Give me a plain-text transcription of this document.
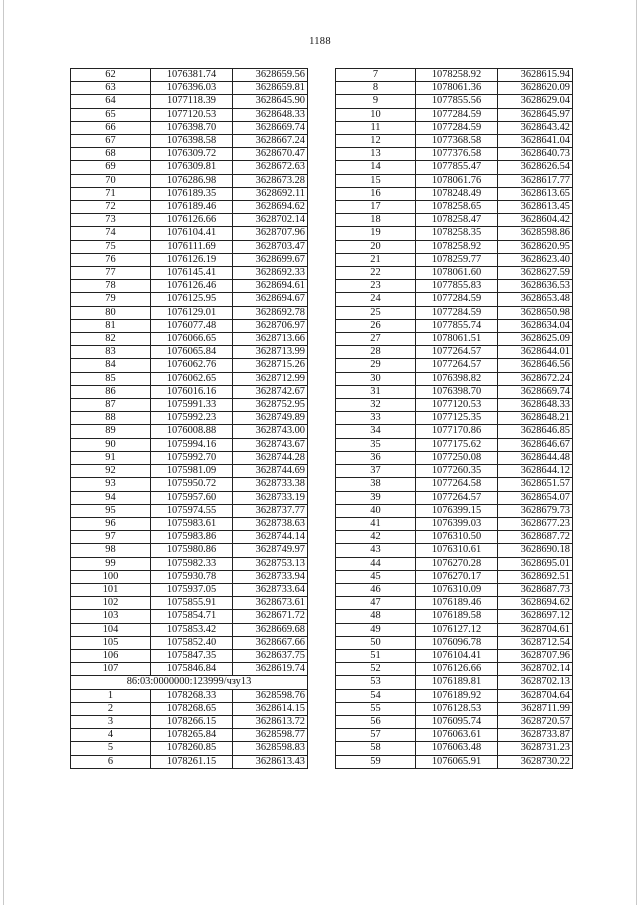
1188
62	1076381.74	3628659.56
63	1076396.03	3628659.81
64	1077118.39	3628645.90
65	1077120.53	3628648.33
66	1076398.70	3628669.74
67	1076398.58	3628667.24
68	1076309.72	3628670.47
69	1076309.81	3628672.63
70	1076286.98	3628673.28
71	1076189.35	3628692.11
72	1076189.46	3628694.62
73	1076126.66	3628702.14
74	1076104.41	3628707.96
75	1076111.69	3628703.47
76	1076126.19	3628699.67
77	1076145.41	3628692.33
78	1076126.46	3628694.61
79	1076125.95	3628694.67
80	1076129.01	3628692.78
81	1076077.48	3628706.97
82	1076066.65	3628713.66
83	1076065.84	3628713.99
84	1076062.76	3628715.26
85	1076062.65	3628712.99
86	1076016.16	3628742.67
87	1075991.33	3628752.95
88	1075992.23	3628749.89
89	1076008.88	3628743.00
90	1075994.16	3628743.67
91	1075992.70	3628744.28
92	1075981.09	3628744.69
93	1075950.72	3628733.38
94	1075957.60	3628733.19
95	1075974.55	3628737.77
96	1075983.61	3628738.63
97	1075983.86	3628744.14
98	1075980.86	3628749.97
99	1075982.33	3628753.13
100	1075930.78	3628733.94
101	1075937.05	3628733.64
102	1075855.91	3628673.61
103	1075854.71	3628671.72
104	1075853.42	3628669.68
105	1075852.40	3628667.66
106	1075847.35	3628637.75
107	1075846.84	3628619.74
86:03:0000000:123999/чзу13		
1	1078268.33	3628598.76
2	1078268.65	3628614.15
3	1078266.15	3628613.72
4	1078265.84	3628598.77
5	1078260.85	3628598.83
6	1078261.15	3628613.43
7	1078258.92	3628615.94
8	1078061.36	3628620.09
9	1077855.56	3628629.04
10	1077284.59	3628645.97
11	1077284.59	3628643.42
12	1077368.58	3628641.04
13	1077376.58	3628640.73
14	1077855.47	3628626.54
15	1078061.76	3628617.77
16	1078248.49	3628613.65
17	1078258.65	3628613.45
18	1078258.47	3628604.42
19	1078258.35	3628598.86
20	1078258.92	3628620.95
21	1078259.77	3628623.40
22	1078061.60	3628627.59
23	1077855.83	3628636.53
24	1077284.59	3628653.48
25	1077284.59	3628650.98
26	1077855.74	3628634.04
27	1078061.51	3628625.09
28	1077264.57	3628644.01
29	1077264.57	3628646.56
30	1076398.82	3628672.24
31	1076398.70	3628669.74
32	1077120.53	3628648.33
33	1077125.35	3628648.21
34	1077170.86	3628646.85
35	1077175.62	3628646.67
36	1077250.08	3628644.48
37	1077260.35	3628644.12
38	1077264.58	3628651.57
39	1077264.57	3628654.07
40	1076399.15	3628679.73
41	1076399.03	3628677.23
42	1076310.50	3628687.72
43	1076310.61	3628690.18
44	1076270.28	3628695.01
45	1076270.17	3628692.51
46	1076310.09	3628687.73
47	1076189.46	3628694.62
48	1076189.58	3628697.12
49	1076127.12	3628704.61
50	1076096.78	3628712.54
51	1076104.41	3628707.96
52	1076126.66	3628702.14
53	1076189.81	3628702.13
54	1076189.92	3628704.64
55	1076128.53	3628711.99
56	1076095.74	3628720.57
57	1076063.61	3628733.87
58	1076063.48	3628731.23
59	1076065.91	3628730.22
